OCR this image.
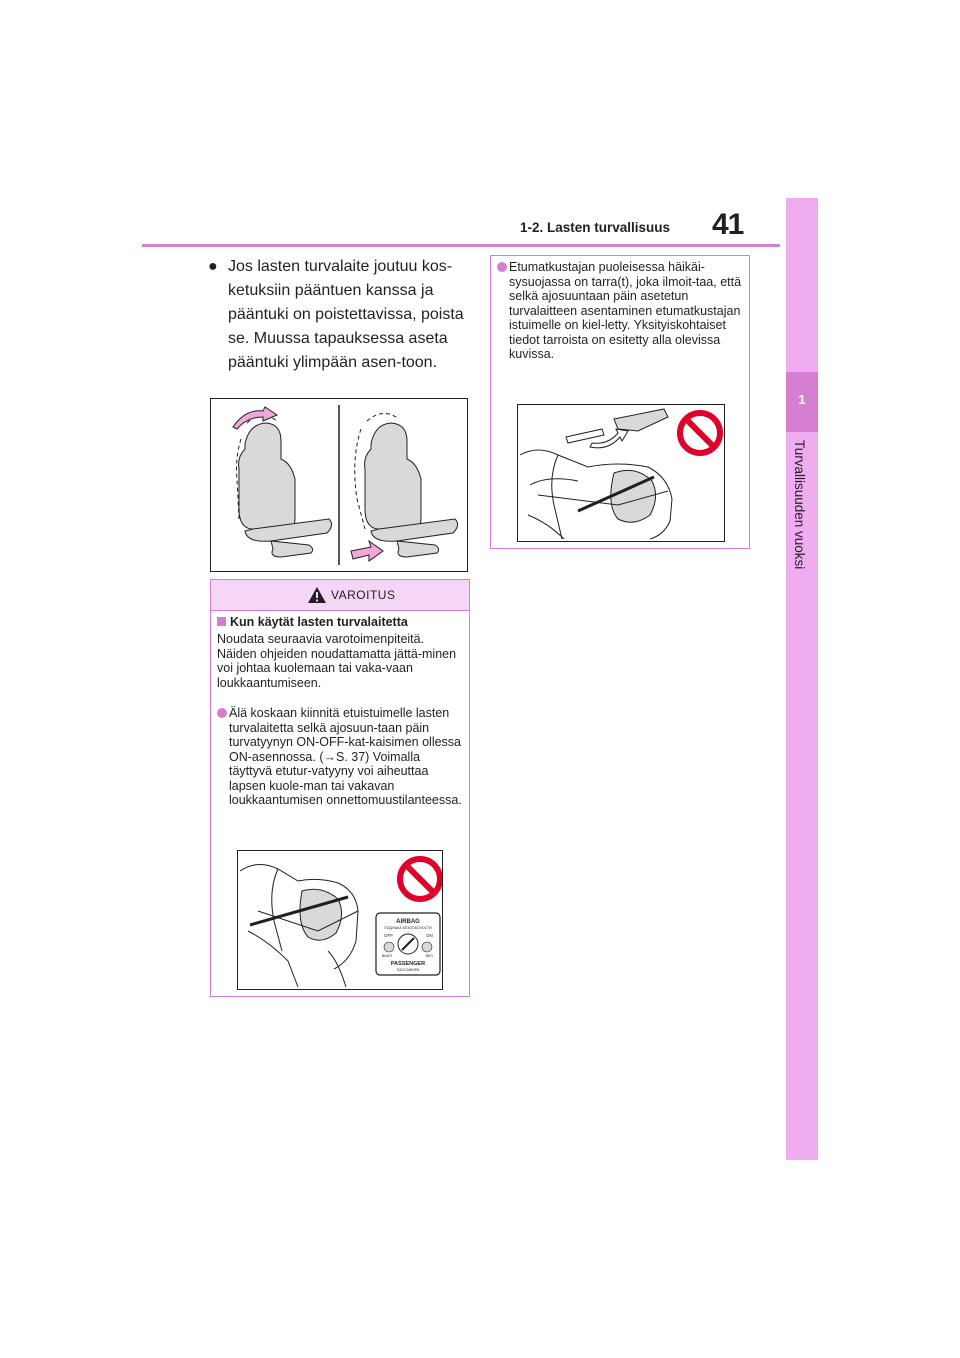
1-2. Lasten turvallisuus 41
1
Turvallisuuden vuoksi
● Jos lasten turvalaite joutuu kos-ketuksiin pääntuen kanssa ja pääntuki on poistettavissa, poista se. Muussa tapauksessa aseta pääntuki ylimpään asen-toon.
VAROITUS
Kun käytät lasten turvalaitetta
Noudata seuraavia varotoimenpiteitä. Näiden ohjeiden noudattamatta jättä-minen voi johtaa kuolemaan tai vaka-vaan loukkaantumiseen.
Älä koskaan kiinnitä etuistuimelle lasten turvalaitetta selkä ajosuun-taan päin turvatyynyn ON-OFF-kat-kaisimen ollessa ON-asennossa. (→S. 37) Voimalla täyttyvä etutur-vatyyny voi aiheuttaa lapsen kuole-man tai vakavan loukkaantumisen onnettomuustilanteessa.
AIRBAG
ПОДУШКА БЕЗОПАСНОСТИ
OFF	ON
ВЫКЛ	ВКЛ
PASSENGER
ПАССАЖИРА
Etumatkustajan puoleisessa häikäi-sysuojassa on tarra(t), joka ilmoit-taa, että selkä ajosuuntaan päin asetetun turvalaitteen asentaminen etumatkustajan istuimelle on kiel-letty. Yksityiskohtaiset tiedot tarroista on esitetty alla olevissa kuvissa.
